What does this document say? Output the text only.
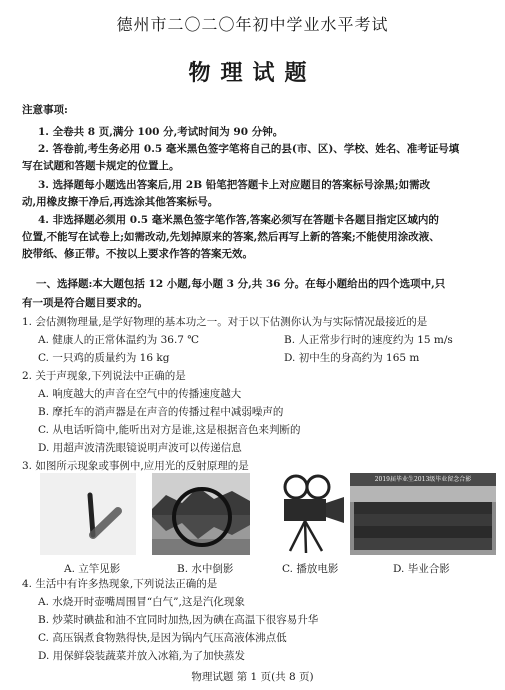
德州市二〇二〇年初中学业水平考试
物理试题
注意事项:
1. 全卷共 8 页,满分 100 分,考试时间为 90 分钟。
2. 答卷前,考生务必用 0.5 毫米黑色签字笔将自己的县(市、区)、学校、姓名、准考证号填
写在试题和答题卡规定的位置上。
3. 选择题每小题选出答案后,用 2B 铅笔把答题卡上对应题目的答案标号涂黑;如需改
动,用橡皮擦干净后,再选涂其他答案标号。
4. 非选择题必须用 0.5 毫米黑色签字笔作答,答案必须写在答题卡各题目指定区域内的
位置,不能写在试卷上;如需改动,先划掉原来的答案,然后再写上新的答案;不能使用涂改液、
胶带纸、修正带。不按以上要求作答的答案无效。
一、选择题:本大题包括 12 小题,每小题 3 分,共 36 分。在每小题给出的四个选项中,只
有一项是符合题目要求的。
1. 会估测物理量,是学好物理的基本功之一。对于以下估测你认为与实际情况最接近的是
A. 健康人的正常体温约为 36.7 ℃	B. 人正常步行时的速度约为 15 m/s
C. 一只鸡的质量约为 16 kg	D. 初中生的身高约为 165 m
2. 关于声现象,下列说法中正确的是
A. 响度越大的声音在空气中的传播速度越大
B. 摩托车的消声器是在声音的传播过程中减弱噪声的
C. 从电话听筒中,能听出对方是谁,这是根据音色来判断的
D. 用超声波清洗眼镜说明声波可以传递信息
3. 如图所示现象或事例中,应用光的反射原理的是
2019届毕业生2013级毕业留念合影
A. 立竿见影	B. 水中倒影	C. 播放电影	D. 毕业合影
4. 生活中有许多热现象,下列说法正确的是
A. 水烧开时壶嘴周围冒“白气”,这是汽化现象
B. 炒菜时碘盐和油不宜同时加热,因为碘在高温下很容易升华
C. 高压锅煮食物熟得快,是因为锅内气压高液体沸点低
D. 用保鲜袋装蔬菜并放入冰箱,为了加快蒸发
物理试题 第 1 页(共 8 页)
